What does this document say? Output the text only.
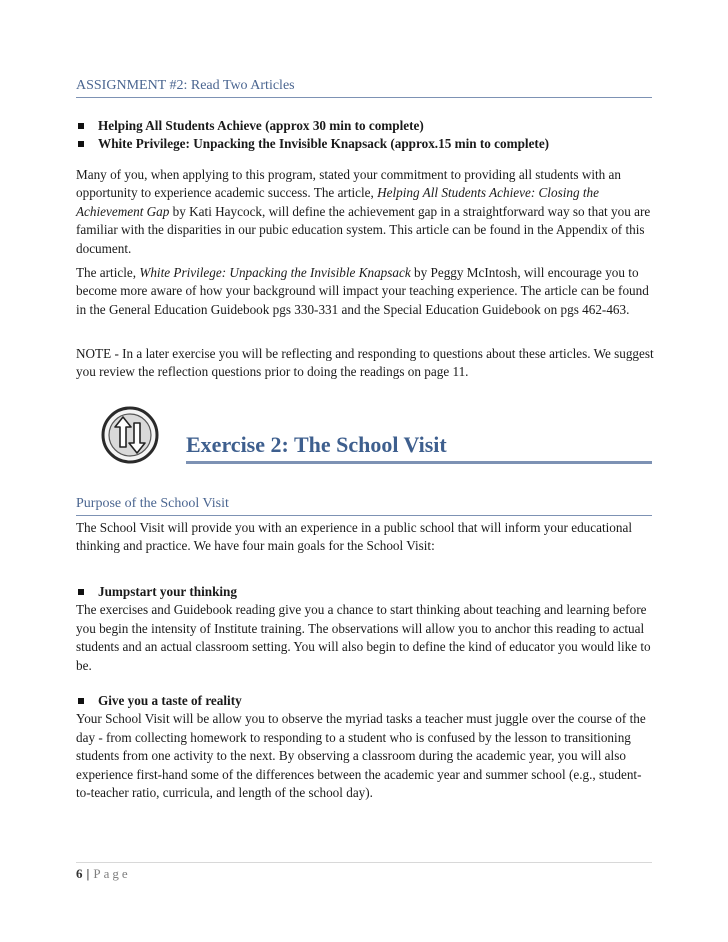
ASSIGNMENT #2: Read Two Articles
Helping All Students Achieve (approx 30 min to complete)
White Privilege: Unpacking the Invisible Knapsack (approx.15 min to complete)

Many of you, when applying to this program, stated your commitment to providing all students with an opportunity to experience academic success. The article, Helping All Students Achieve: Closing the Achievement Gap by Kati Haycock, will define the achievement gap in a straightforward way so that you are familiar with the disparities in our pubic education system. This article can be found in the Appendix of this document.

The article, White Privilege: Unpacking the Invisible Knapsack by Peggy McIntosh, will encourage you to become more aware of how your background will impact your teaching experience. The article can be found in the General Education Guidebook pgs 330-331 and the Special Education Guidebook on pgs 462-463.

NOTE - In a later exercise you will be reflecting and responding to questions about these articles. We suggest you review the reflection questions prior to doing the readings on page 11.

Exercise 2: The School Visit
Purpose of the School Visit

The School Visit will provide you with an experience in a public school that will inform your educational thinking and practice. We have four main goals for the School Visit:

Jumpstart your thinking

The exercises and Guidebook reading give you a chance to start thinking about teaching and learning before you begin the intensity of Institute training. The observations will allow you to anchor this reading to actual students and an actual classroom setting. You will also begin to define the kind of educator you would like to be.

Give you a taste of reality

Your School Visit will be allow you to observe the myriad tasks a teacher must juggle over the course of the day - from collecting homework to responding to a student who is confused by the lesson to transitioning students from one activity to the next. By observing a classroom during the academic year, you will also experience first-hand some of the differences between the academic year and summer school (e.g., student-to-teacher ratio, curricula, and length of the school day).

6 | Page
